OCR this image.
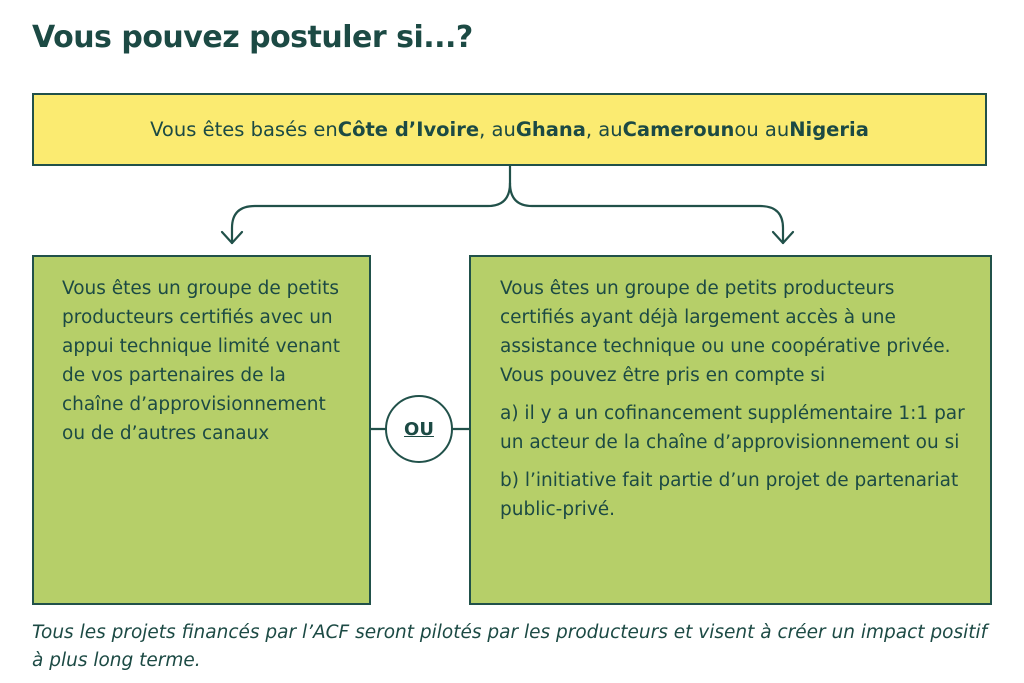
Vous pouvez postuler si...?
Vous êtes basés en Côte d’Ivoire , au Ghana , au Cameroun ou au Nigeria

Vous êtes un groupe de petits producteurs certifiés avec un appui technique limité venant de vos partenaires de la chaîne d’approvisionnement ou de d’autres canaux	OU

Vous êtes un groupe de petits producteurs certifiés ayant déjà largement accès à une assistance technique ou une coopérative privée. Vous pouvez être pris en compte si

a) il y a un cofinancement supplémentaire 1:1 par un acteur de la chaîne d’approvisionnement ou si

b) l’initiative fait partie d’un projet de partenariat public-privé.

Tous les projets financés par l’ACF seront pilotés par les producteurs et visent à créer un impact positif à plus long terme.
